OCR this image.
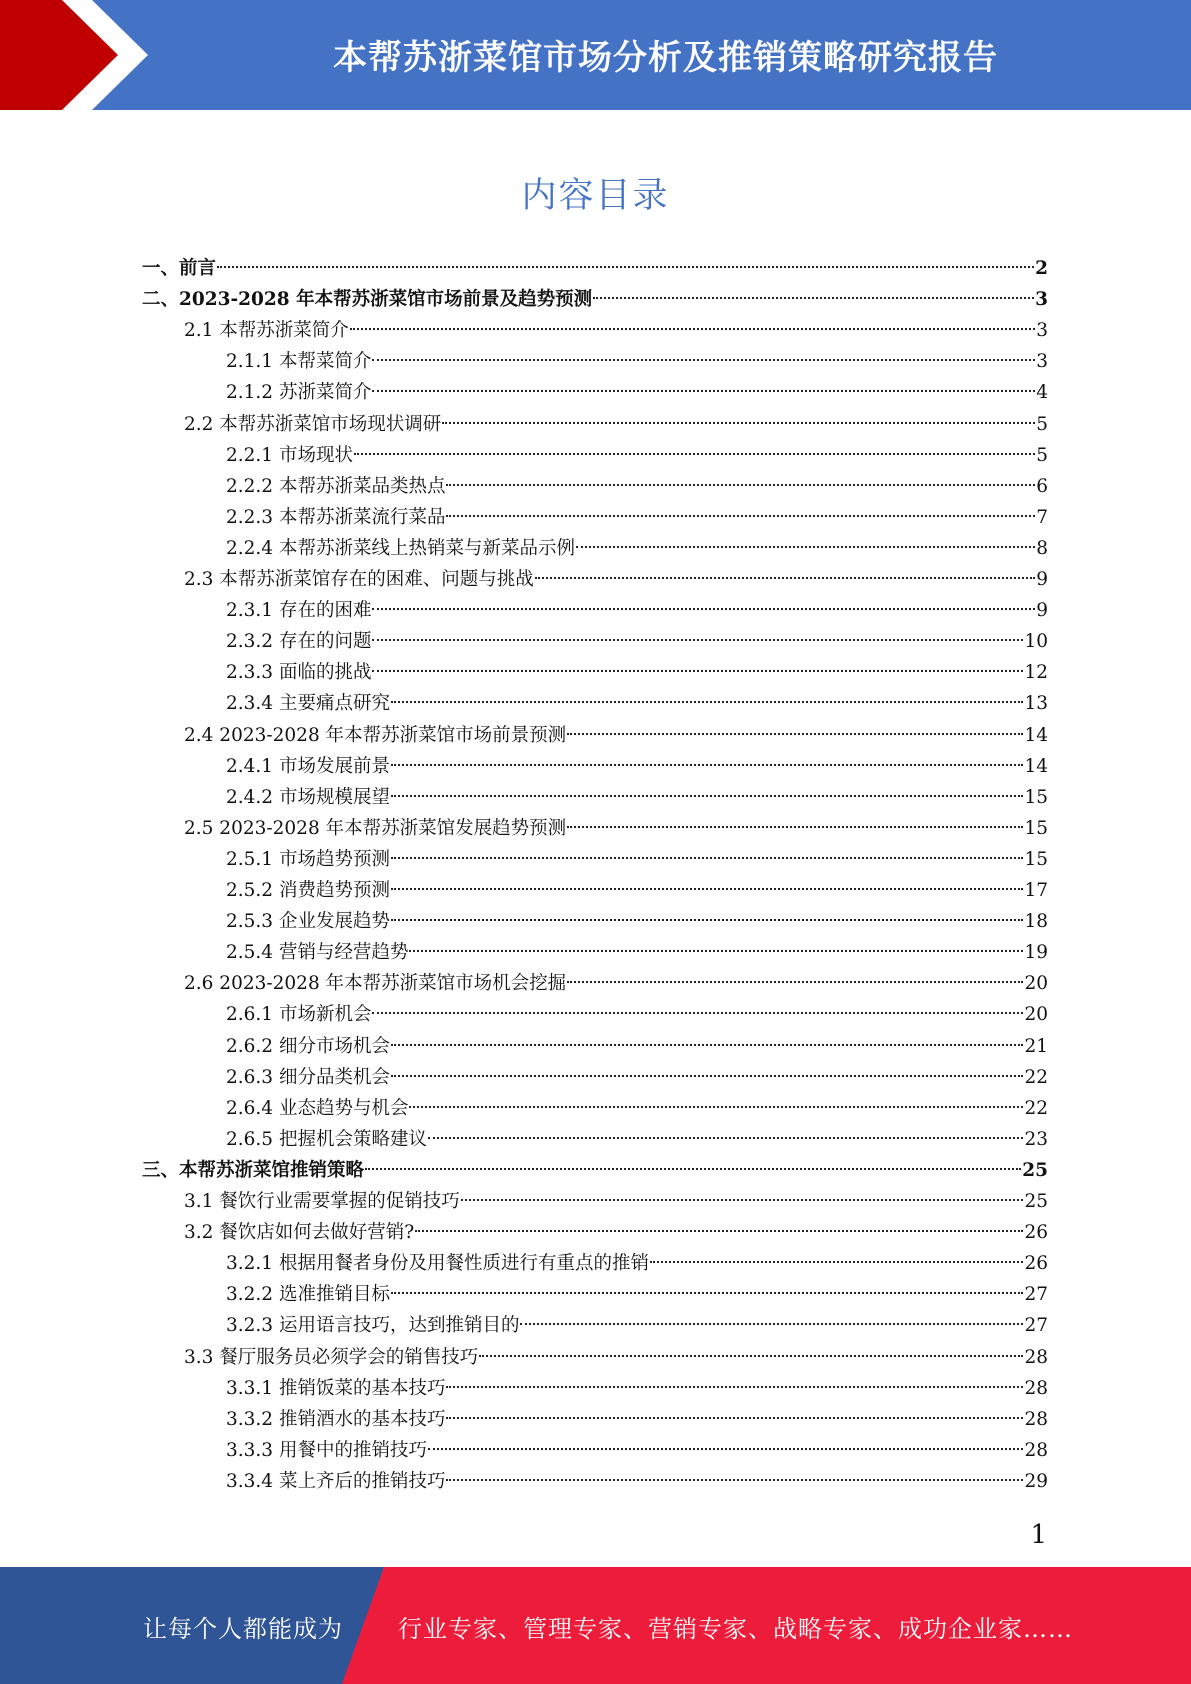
本帮苏浙菜馆市场分析及推销策略研究报告
内容目录
一、前言	2
二、2023-2028 年本帮苏浙菜馆市场前景及趋势预测	3
2.1 本帮苏浙菜简介	3
2.1.1 本帮菜简介	3
2.1.2 苏浙菜简介	4
2.2 本帮苏浙菜馆市场现状调研	5
2.2.1 市场现状	5
2.2.2 本帮苏浙菜品类热点	6
2.2.3 本帮苏浙菜流行菜品	7
2.2.4 本帮苏浙菜线上热销菜与新菜品示例	8
2.3 本帮苏浙菜馆存在的困难、问题与挑战	9
2.3.1 存在的困难	9
2.3.2 存在的问题	10
2.3.3 面临的挑战	12
2.3.4 主要痛点研究	13
2.4 2023-2028 年本帮苏浙菜馆市场前景预测	14
2.4.1 市场发展前景	14
2.4.2 市场规模展望	15
2.5 2023-2028 年本帮苏浙菜馆发展趋势预测	15
2.5.1 市场趋势预测	15
2.5.2 消费趋势预测	17
2.5.3 企业发展趋势	18
2.5.4 营销与经营趋势	19
2.6 2023-2028 年本帮苏浙菜馆市场机会挖掘	20
2.6.1 市场新机会	20
2.6.2 细分市场机会	21
2.6.3 细分品类机会	22
2.6.4 业态趋势与机会	22
2.6.5 把握机会策略建议	23
三、本帮苏浙菜馆推销策略	25
3.1 餐饮行业需要掌握的促销技巧	25
3.2 餐饮店如何去做好营销?	26
3.2.1 根据用餐者身份及用餐性质进行有重点的推销	26
3.2.2 选准推销目标	27
3.2.3 运用语言技巧，达到推销目的	27
3.3 餐厅服务员必须学会的销售技巧	28
3.3.1 推销饭菜的基本技巧	28
3.3.2 推销酒水的基本技巧	28
3.3.3 用餐中的推销技巧	28
3.3.4 菜上齐后的推销技巧	29
1
让每个人都能成为 行业专家、管理专家、营销专家、战略专家、成功企业家……
